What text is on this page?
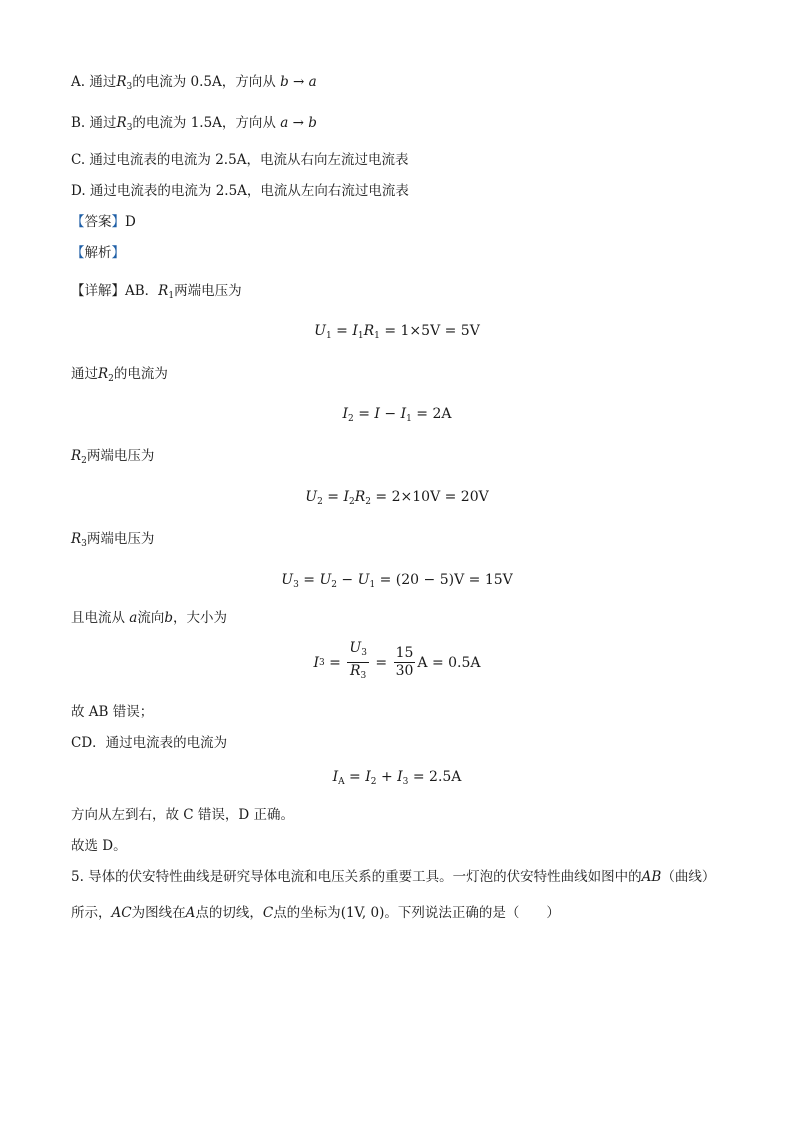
A. 通过$R_3$的电流为 0.5A，方向从 b → a
B. 通过$R_3$的电流为 1.5A，方向从 a → b
C. 通过电流表的电流为 2.5A，电流从右向左流过电流表
D. 通过电流表的电流为 2.5A，电流从左向右流过电流表
【答案】D
【解析】
【详解】AB．$R_1$两端电压为
$U_1 = I_1R_1 = 1\times 5V = 5V$
通过$R_2$的电流为
$I_2 = I - I_1 = 2A$
$R_2$两端电压为
$U_2 = I_2R_2 = 2\times 10V = 20V$
$R_3$两端电压为
$U_3 = U_2 - U_1 = (20 - 5)V = 15V$
且电流从 a流向b，大小为
I $3 = \frac{U_3}{R_3} = \frac{15}{30}$ A = 0.5A
故 AB 错误；
CD．通过电流表的电流为
$I_A = I_2 + I_3 = 2.5A$
方向从左到右，故 C 错误，D 正确。
故选 D。
5. 导体的伏安特性曲线是研究导体电流和电压关系的重要工具。一灯泡的伏安特性曲线如图中的AB（曲线）
所示，AC为图线在A点的切线，C点的坐标为(1V, 0)。下列说法正确的是（　　）
